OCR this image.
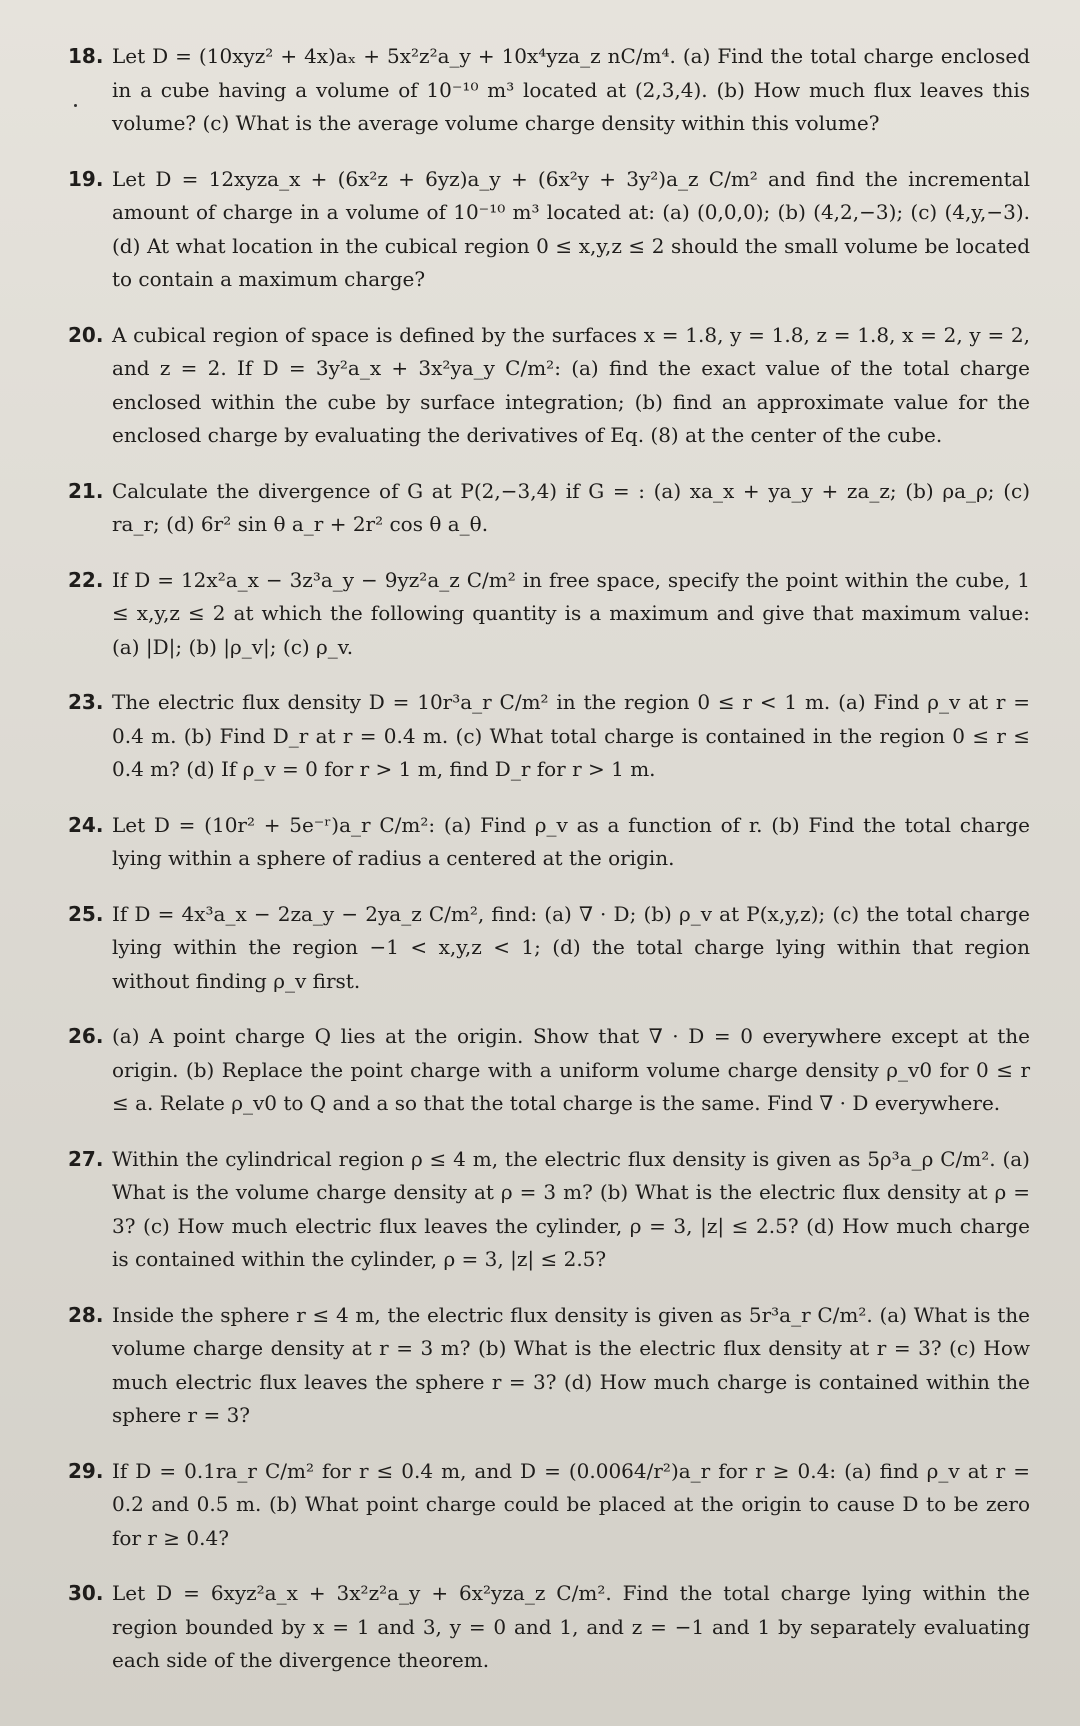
18. Let D = (10xyz² + 4x)aₓ + 5x²z²a_y + 10x⁴yza_z nC/m⁴. (a) Find the total charge enclosed in a cube having a volume of 10⁻¹⁰ m³ located at (2,3,4). (b) How much flux leaves this volume? (c) What is the average volume charge density within this volume?
19. Let D = 12xyza_x + (6x²z + 6yz)a_y + (6x²y + 3y²)a_z C/m² and find the incremental amount of charge in a volume of 10⁻¹⁰ m³ located at: (a) (0,0,0); (b) (4,2,−3); (c) (4,y,−3). (d) At what location in the cubical region 0 ≤ x,y,z ≤ 2 should the small volume be located to contain a maximum charge?
20. A cubical region of space is defined by the surfaces x = 1.8, y = 1.8, z = 1.8, x = 2, y = 2, and z = 2. If D = 3y²a_x + 3x²ya_y C/m²: (a) find the exact value of the total charge enclosed within the cube by surface integration; (b) find an approximate value for the enclosed charge by evaluating the derivatives of Eq. (8) at the center of the cube.
21. Calculate the divergence of G at P(2,−3,4) if G = : (a) xa_x + ya_y + za_z; (b) ρa_ρ; (c) ra_r; (d) 6r² sin θ a_r + 2r² cos θ a_θ.
22. If D = 12x²a_x − 3z³a_y − 9yz²a_z C/m² in free space, specify the point within the cube, 1 ≤ x,y,z ≤ 2 at which the following quantity is a maximum and give that maximum value: (a) |D|; (b) |ρ_v|; (c) ρ_v.
23. The electric flux density D = 10r³a_r C/m² in the region 0 ≤ r < 1 m. (a) Find ρ_v at r = 0.4 m. (b) Find D_r at r = 0.4 m. (c) What total charge is contained in the region 0 ≤ r ≤ 0.4 m? (d) If ρ_v = 0 for r > 1 m, find D_r for r > 1 m.
24. Let D = (10r² + 5e⁻ʳ)a_r C/m²: (a) Find ρ_v as a function of r. (b) Find the total charge lying within a sphere of radius a centered at the origin.
25. If D = 4x³a_x − 2za_y − 2ya_z C/m², find: (a) ∇ · D; (b) ρ_v at P(x,y,z); (c) the total charge lying within the region −1 < x,y,z < 1; (d) the total charge lying within that region without finding ρ_v first.
26. (a) A point charge Q lies at the origin. Show that ∇ · D = 0 everywhere except at the origin. (b) Replace the point charge with a uniform volume charge density ρ_v0 for 0 ≤ r ≤ a. Relate ρ_v0 to Q and a so that the total charge is the same. Find ∇ · D everywhere.
27. Within the cylindrical region ρ ≤ 4 m, the electric flux density is given as 5ρ³a_ρ C/m². (a) What is the volume charge density at ρ = 3 m? (b) What is the electric flux density at ρ = 3? (c) How much electric flux leaves the cylinder, ρ = 3, |z| ≤ 2.5? (d) How much charge is contained within the cylinder, ρ = 3, |z| ≤ 2.5?
28. Inside the sphere r ≤ 4 m, the electric flux density is given as 5r³a_r C/m². (a) What is the volume charge density at r = 3 m? (b) What is the electric flux density at r = 3? (c) How much electric flux leaves the sphere r = 3? (d) How much charge is contained within the sphere r = 3?
29. If D = 0.1ra_r C/m² for r ≤ 0.4 m, and D = (0.0064/r²)a_r for r ≥ 0.4: (a) find ρ_v at r = 0.2 and 0.5 m. (b) What point charge could be placed at the origin to cause D to be zero for r ≥ 0.4?
30. Let D = 6xyz²a_x + 3x²z²a_y + 6x²yza_z C/m². Find the total charge lying within the region bounded by x = 1 and 3, y = 0 and 1, and z = −1 and 1 by separately evaluating each side of the divergence theorem.
